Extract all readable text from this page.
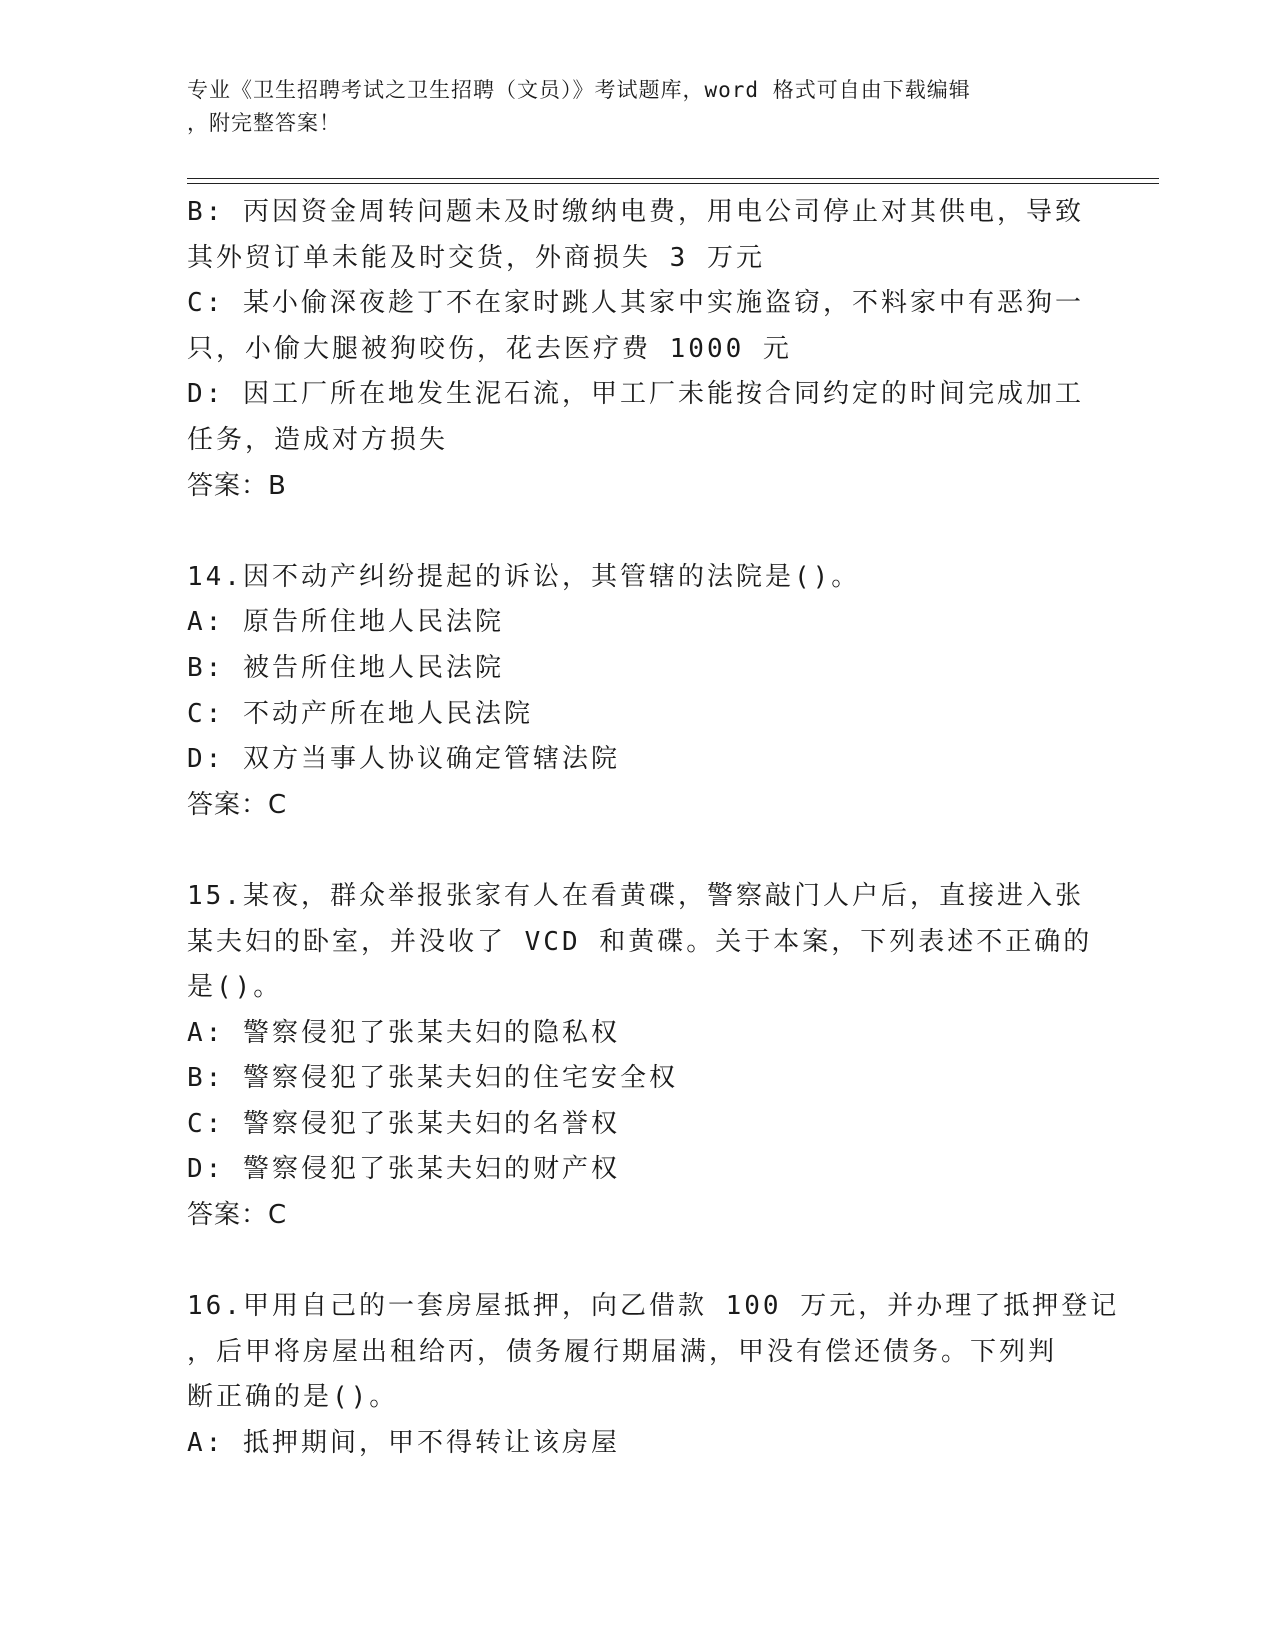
专业《卫生招聘考试之卫生招聘（文员）》考试题库，word 格式可自由下载编辑
，附完整答案！
B: 丙因资金周转问题未及时缴纳电费，用电公司停止对其供电，导致
其外贸订单未能及时交货，外商损失 3 万元
C: 某小偷深夜趁丁不在家时跳人其家中实施盗窃，不料家中有恶狗一
只，小偷大腿被狗咬伤，花去医疗费 1000 元
D: 因工厂所在地发生泥石流，甲工厂未能按合同约定的时间完成加工
任务，造成对方损失
答案：B
14.因不动产纠纷提起的诉讼，其管辖的法院是()。
A: 原告所住地人民法院
B: 被告所住地人民法院
C: 不动产所在地人民法院
D: 双方当事人协议确定管辖法院
答案：C
15.某夜，群众举报张家有人在看黄碟，警察敲门人户后，直接进入张
某夫妇的卧室，并没收了 VCD 和黄碟。关于本案，下列表述不正确的
是()。
A: 警察侵犯了张某夫妇的隐私权
B: 警察侵犯了张某夫妇的住宅安全权
C: 警察侵犯了张某夫妇的名誉权
D: 警察侵犯了张某夫妇的财产权
答案：C
16.甲用自己的一套房屋抵押，向乙借款 100 万元，并办理了抵押登记
，后甲将房屋出租给丙，债务履行期届满，甲没有偿还债务。下列判
断正确的是()。
A: 抵押期间，甲不得转让该房屋
